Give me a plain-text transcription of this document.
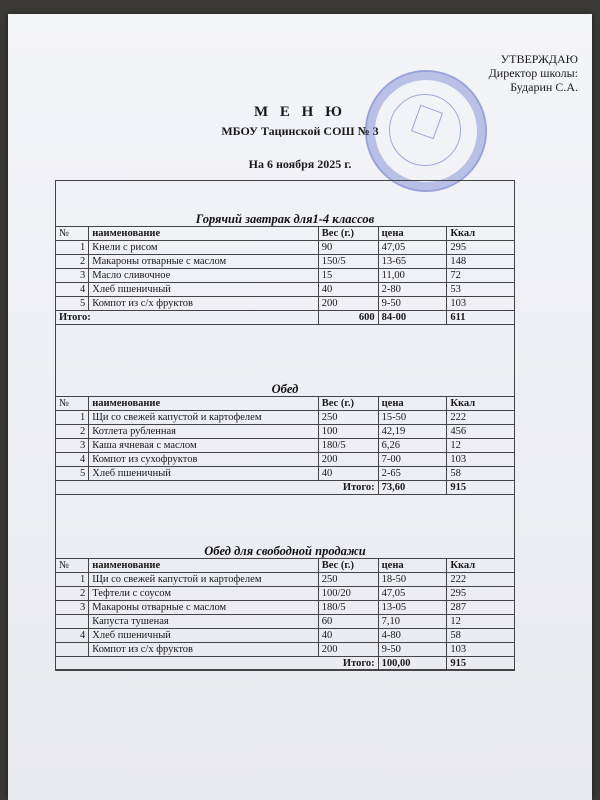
УТВЕРЖДАЮ
Директор школы:
Бударин С.А.
М Е Н Ю
МБОУ Тацинской СОШ № 3
На 6 ноября 2025 г.
Горячий завтрак для1-4 классов
№	наименование	Вес (г.)	цена	Ккал
1	Кнели с рисом	90	47,05	295
2	Макароны отварные с маслом	150/5	13-65	148
3	Масло сливочное	15	11,00	72
4	Хлеб пшеничный	40	2-80	53
5	Компот из с/х фруктов	200	9-50	103
Итого:		600	84-00	611
Обед
№	наименование	Вес (г.)	цена	Ккал
1	Щи со свежей капустой и картофелем	250	15-50	222
2	Котлета рубленная	100	42,19	456
3	Каша ячневая с маслом	180/5	6,26	12
4	Компот из сухофруктов	200	7-00	103
5	Хлеб пшеничный	40	2-65	58
Итого:			73,60	915
Обед для свободной продажи
№	наименование	Вес (г.)	цена	Ккал
1	Щи со свежей капустой и картофелем	250	18-50	222
2	Тефтели с соусом	100/20	47,05	295
3	Макароны отварные с маслом	180/5	13-05	287
	Капуста тушеная	60	7,10	12
4	Хлеб пшеничный	40	4-80	58
	Компот из с/х фруктов	200	9-50	103
Итого:			100,00	915
